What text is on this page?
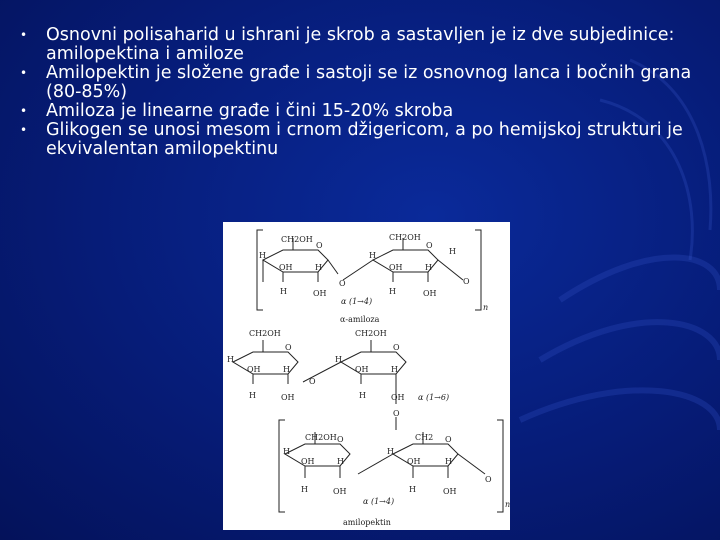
• Osnovni polisaharid u ishrani je skrob a sastavljen je iz dve subjedinice: amilopektina i amiloze
• Amilopektin je složene građe i sastoji se iz osnovnog lanca i bočnih grana (80-85%)
• Amiloza je linearne građe i čini 15-20% skroba
• Glikogen se unosi mesom i crnom džigericom, a po hemijskoj strukturi je ekvivalentan amilopektinu
CH2OH
H
O
OH	H
H	OH
O
CH2OH
H	H
O
OH	H
H	OH
O
α (1→4)
n
α-amiloza
CH2OH
H
O
OH	H
H	OH
O
CH2OH
H
O
OH	H
H	OH α (1→6)
O
CH2OH
H
O
OH	H
H	OH
CH2
H
O
OH	H
H	OH
O
α (1→4)	n
amilopektin
